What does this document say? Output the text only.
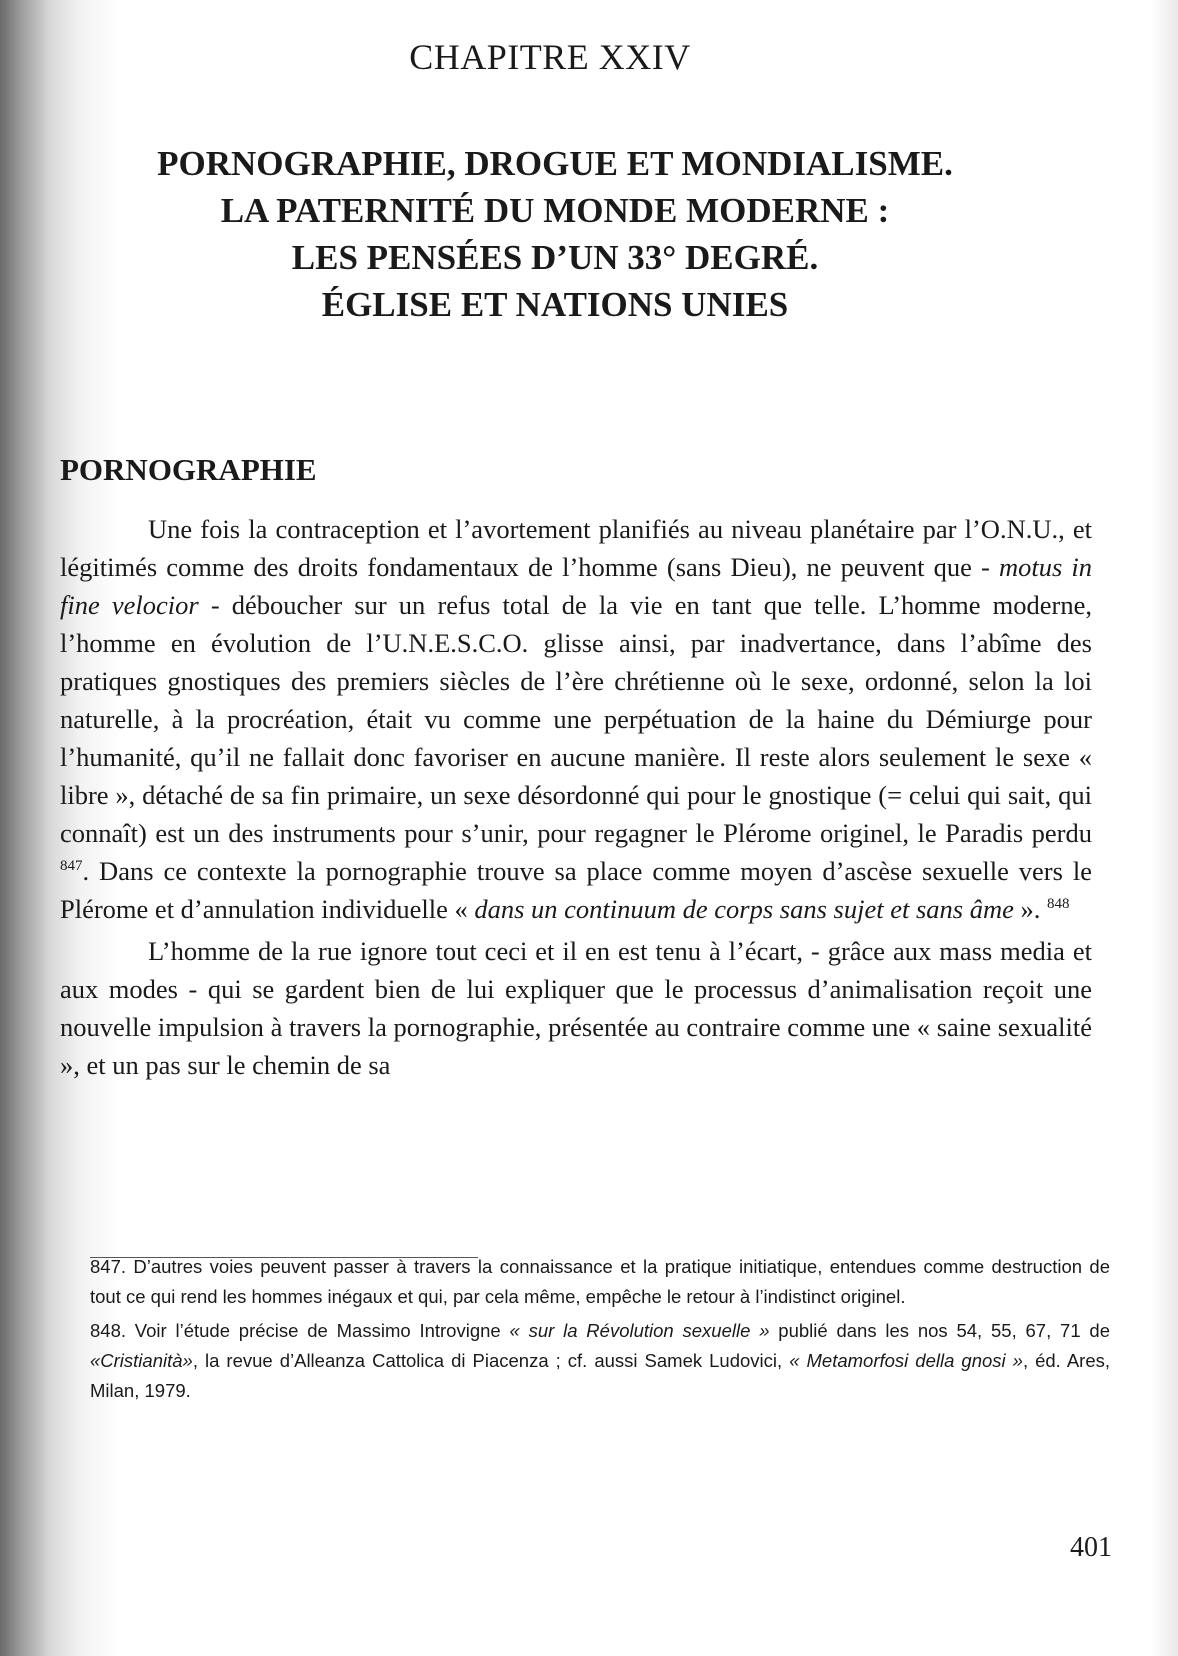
CHAPITRE XXIV
PORNOGRAPHIE, DROGUE ET MONDIALISME.
LA PATERNITÉ DU MONDE MODERNE :
LES PENSÉES D’UN 33° DEGRÉ.
ÉGLISE ET NATIONS UNIES
PORNOGRAPHIE

Une fois la contraception et l’avortement planifiés au niveau planétaire par l’O.N.U., et légitimés comme des droits fondamentaux de l’homme (sans Dieu), ne peuvent que - motus in fine velocior - déboucher sur un refus total de la vie en tant que telle. L’homme moderne, l’homme en évolution de l’U.N.E.S.C.O. glisse ainsi, par inadvertance, dans l’abîme des pratiques gnostiques des premiers siècles de l’ère chrétienne où le sexe, ordonné, selon la loi naturelle, à la procréation, était vu comme une perpétuation de la haine du Démiurge pour l’humanité, qu’il ne fallait donc favoriser en aucune manière. Il reste alors seulement le sexe « libre », détaché de sa fin primaire, un sexe désordonné qui pour le gnostique (= celui qui sait, qui connaît) est un des instruments pour s’unir, pour regagner le Plérome originel, le Paradis perdu $^{847}$. Dans ce contexte la pornographie trouve sa place comme moyen d’ascèse sexuelle vers le Plérome et d’annulation individuelle « dans un continuum de corps sans sujet et sans âme ». $^{848}$

L’homme de la rue ignore tout ceci et il en est tenu à l’écart, - grâce aux mass media et aux modes - qui se gardent bien de lui expliquer que le processus d’animalisation reçoit une nouvelle impulsion à travers la pornographie, présentée au contraire comme une « saine sexualité », et un pas sur le chemin de sa

847. D’autres voies peuvent passer à travers la connaissance et la pratique initiatique, entendues comme destruction de tout ce qui rend les hommes inégaux et qui, par cela même, empêche le retour à l’indistinct originel.

848. Voir l’étude précise de Massimo Introvigne « sur la Révolution sexuelle » publié dans les nos 54, 55, 67, 71 de «Cristianità», la revue d’Alleanza Cattolica di Piacenza ; cf. aussi Samek Ludovici, « Metamorfosi della gnosi », éd. Ares, Milan, 1979.

401
